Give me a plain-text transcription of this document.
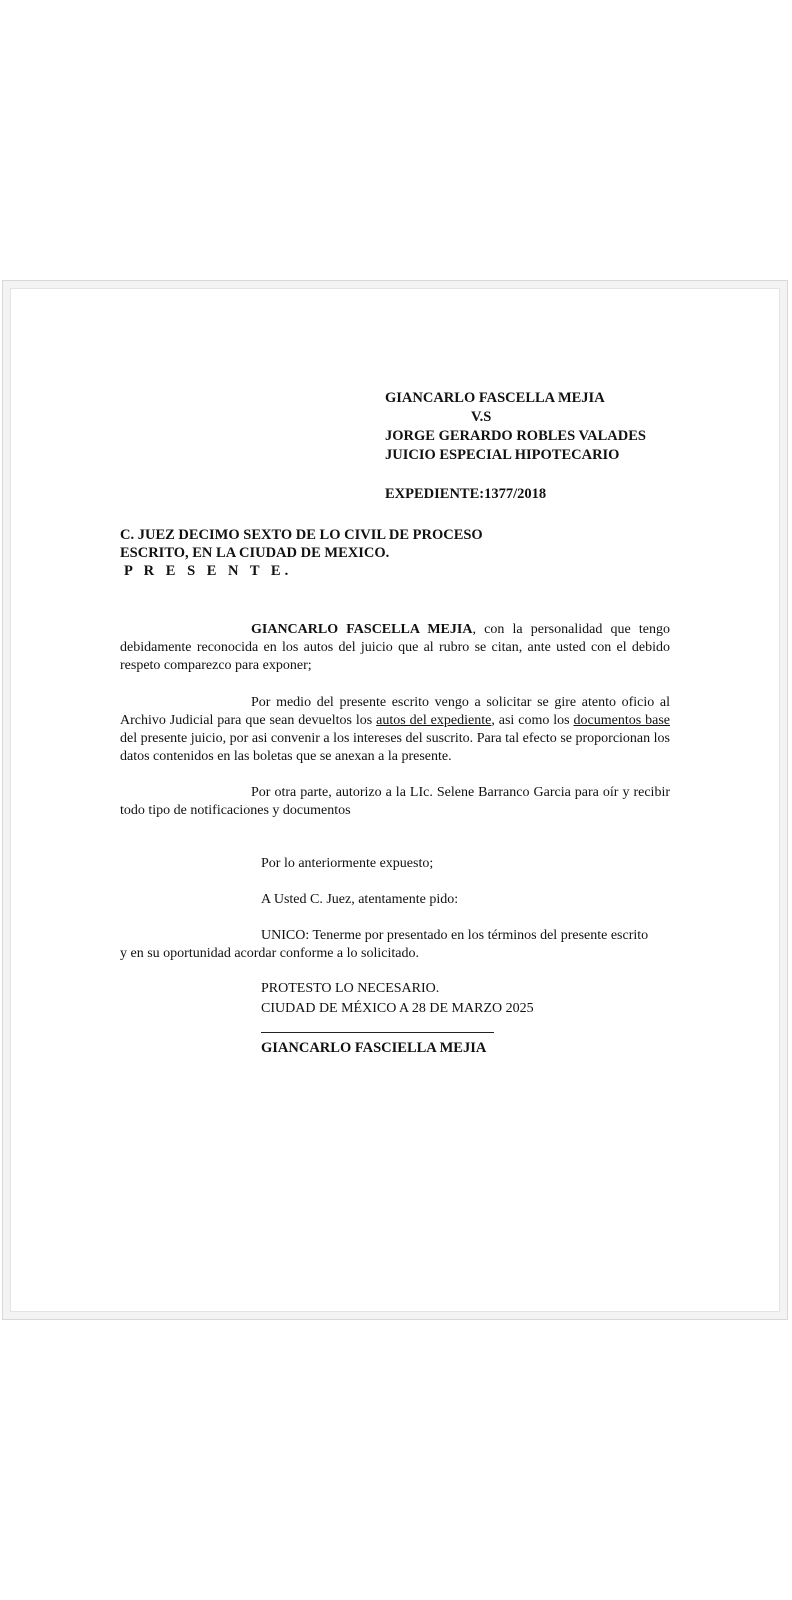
GIANCARLO FASCELLA MEJIA
V.S
JORGE GERARDO ROBLES VALADES
JUICIO ESPECIAL HIPOTECARIO
EXPEDIENTE:1377/2018
C. JUEZ DECIMO SEXTO DE LO CIVIL DE PROCESO
ESCRITO, EN LA CIUDAD DE MEXICO.
P R E S E N T E.
GIANCARLO FASCELLA MEJIA, con la personalidad que tengo debidamente reconocida en los autos del juicio que al rubro se citan, ante usted con el debido respeto comparezco para exponer;
Por medio del presente escrito vengo a solicitar se gire atento oficio al Archivo Judicial para que sean devueltos los autos del expediente, asi como los documentos base del presente juicio, por asi convenir a los intereses del suscrito. Para tal efecto se proporcionan los datos contenidos en las boletas que se anexan a la presente.
Por otra parte, autorizo a la LIc. Selene Barranco Garcia para oír y recibir todo tipo de notificaciones y documentos
Por lo anteriormente expuesto;
A Usted C. Juez, atentamente pido:
UNICO: Tenerme por presentado en los términos del presente escrito
y en su oportunidad acordar conforme a lo solicitado.
PROTESTO LO NECESARIO.
CIUDAD DE MÉXICO A 28 DE MARZO 2025
GIANCARLO FASCIELLA MEJIA
